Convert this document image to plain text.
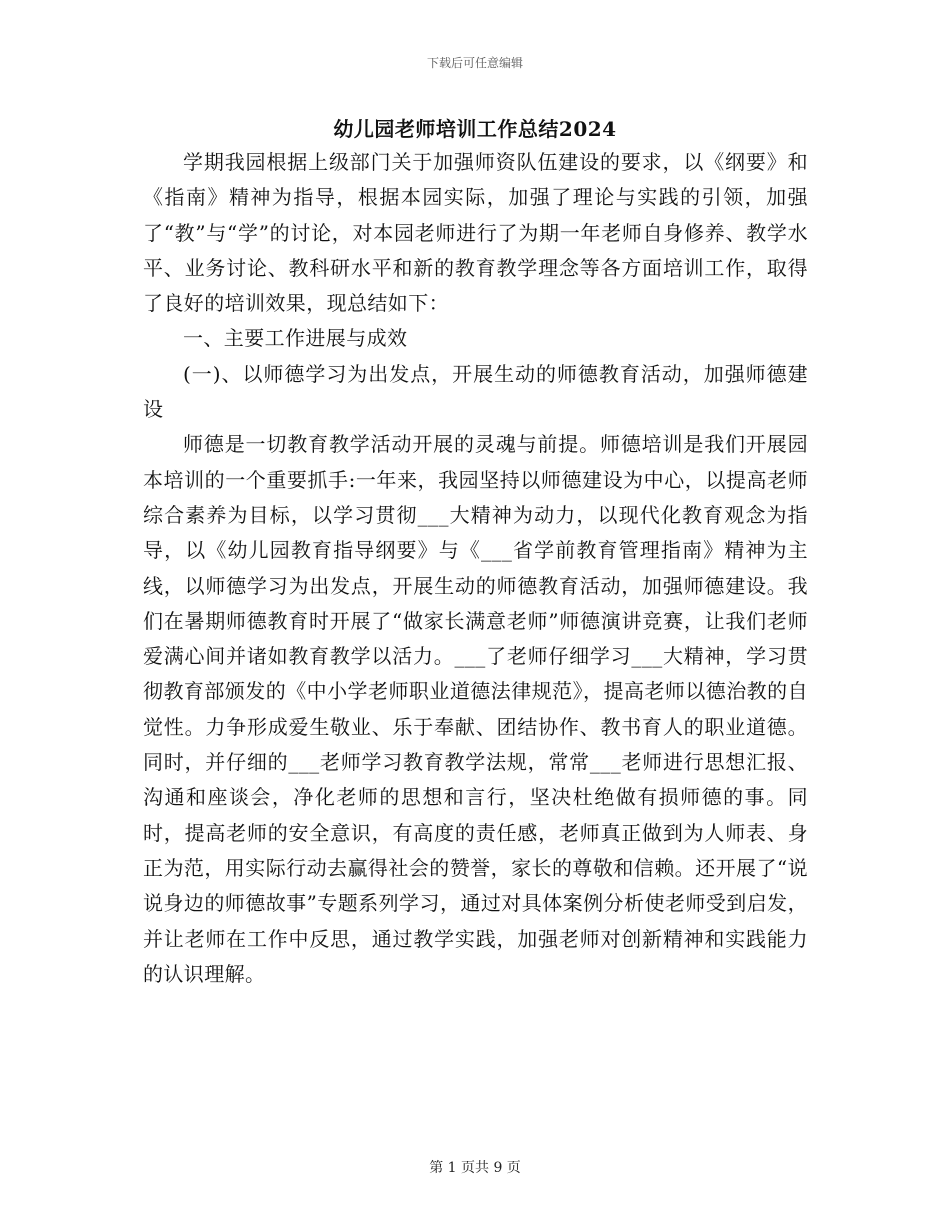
下载后可任意编辑
幼儿园老师培训工作总结2024

学期我园根据上级部门关于加强师资队伍建设的要求，以《纲要》和《指南》精神为指导，根据本园实际，加强了理论与实践的引领，加强了“教”与“学”的讨论，对本园老师进行了为期一年老师自身修养、教学水平、业务讨论、教科研水平和新的教育教学理念等各方面培训工作，取得了良好的培训效果，现总结如下：

一、主要工作进展与成效

(一)、以师德学习为出发点，开展生动的师德教育活动，加强师德建设

师德是一切教育教学活动开展的灵魂与前提。师德培训是我们开展园本培训的一个重要抓手:一年来，我园坚持以师德建设为中心，以提高老师综合素养为目标，以学习贯彻___大精神为动力，以现代化教育观念为指导，以《幼儿园教育指导纲要》与《___省学前教育管理指南》精神为主线，以师德学习为出发点，开展生动的师德教育活动，加强师德建设。我们在暑期师德教育时开展了“做家长满意老师”师德演讲竞赛，让我们老师爱满心间并诸如教育教学以活力。___了老师仔细学习___大精神，学习贯彻教育部颁发的《中小学老师职业道德法律规范》，提高老师以德治教的自觉性。力争形成爱生敬业、乐于奉献、团结协作、教书育人的职业道德。同时，并仔细的___老师学习教育教学法规，常常___老师进行思想汇报、沟通和座谈会，净化老师的思想和言行，坚决杜绝做有损师德的事。同时，提高老师的安全意识，有高度的责任感，老师真正做到为人师表、身正为范，用实际行动去赢得社会的赞誉，家长的尊敬和信赖。还开展了“说说身边的师德故事”专题系列学习，通过对具体案例分析使老师受到启发，并让老师在工作中反思，通过教学实践，加强老师对创新精神和实践能力的认识理解。

第 1 页共 9 页
